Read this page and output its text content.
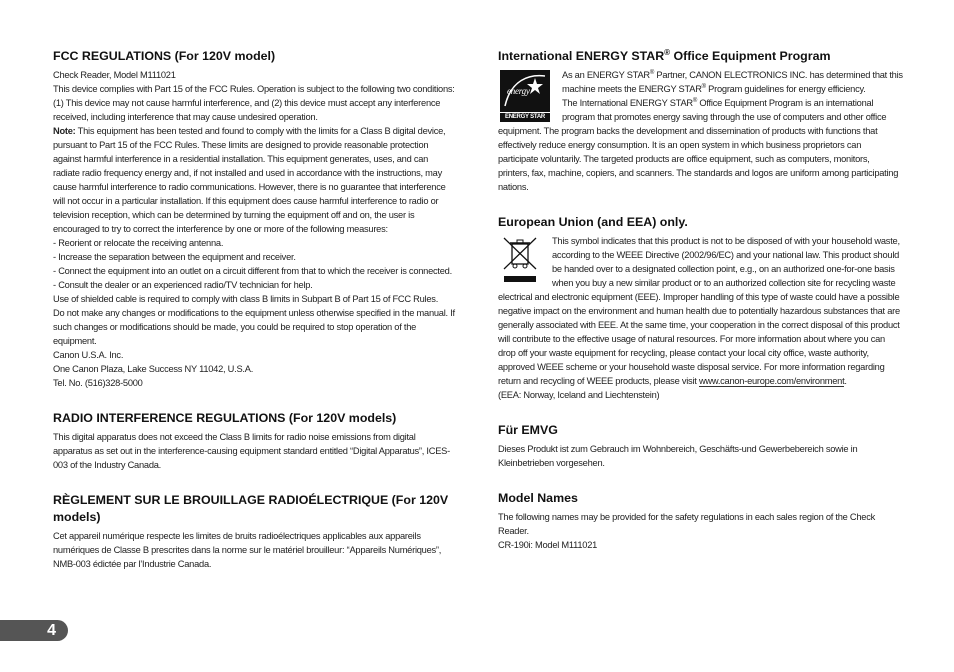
FCC REGULATIONS (For 120V model)

Check Reader, Model M111021

This device complies with Part 15 of the FCC Rules. Operation is subject to the following two conditions: (1) This device may not cause harmful interference, and (2) this device must accept any interference received, including interference that may cause undesired operation.

Note: This equipment has been tested and found to comply with the limits for a Class B digital device, pursuant to Part 15 of the FCC Rules. These limits are designed to provide reasonable protection against harmful interference in a residential installation. This equipment generates, uses, and can radiate radio frequency energy and, if not installed and used in accordance with the instructions, may cause harmful interference to radio communications. However, there is no guarantee that interference will not occur in a particular installation. If this equipment does cause harmful interference to radio or television reception, which can be determined by turning the equipment off and on, the user is encouraged to try to correct the interference by one or more of the following measures:

- Reorient or relocate the receiving antenna.
- Increase the separation between the equipment and receiver.
- Connect the equipment into an outlet on a circuit different from that to which the receiver is connected.
- Consult the dealer or an experienced radio/TV technician for help.

Use of shielded cable is required to comply with class B limits in Subpart B of Part 15 of FCC Rules.

Do not make any changes or modifications to the equipment unless otherwise specified in the manual. If such changes or modifications should be made, you could be required to stop operation of the equipment.

Canon U.S.A. Inc.

One Canon Plaza, Lake Success NY 11042, U.S.A.

Tel. No. (516)328-5000

RADIO INTERFERENCE REGULATIONS (For 120V models)

This digital apparatus does not exceed the Class B limits for radio noise emissions from digital apparatus as set out in the interference-causing equipment standard entitled “Digital Apparatus”, ICES-003 of the Industry Canada.

RÈGLEMENT SUR LE BROUILLAGE RADIOÉLECTRIQUE (For 120V models)

Cet appareil numérique respecte les limites de bruits radioélectriques applicables aux appareils numériques de Classe B prescrites dans la norme sur le matériel brouilleur: “Appareils Numériques”, NMB-003 édictée par l’Industrie Canada.

International ENERGY STAR® Office Equipment Program
energy
ENERGY STAR

As an ENERGY STAR® Partner, CANON ELECTRONICS INC. has determined that this machine meets the ENERGY STAR® Program guidelines for energy efficiency.

The International ENERGY STAR® Office Equipment Program is an international program that promotes energy saving through the use of computers and other office equipment. The program backs the development and dissemination of products with functions that effectively reduce energy consumption. It is an open system in which business proprietors can participate voluntarily. The targeted products are office equipment, such as computers, monitors, printers, fax, machine, copiers, and scanners. The standards and logos are uniform among participating nations.

European Union (and EEA) only.

This symbol indicates that this product is not to be disposed of with your household waste, according to the WEEE Directive (2002/96/EC) and your national law. This product should be handed over to a designated collection point, e.g., on an authorized one-for-one basis when you buy a new similar product or to an authorized collection site for recycling waste electrical and electronic equipment (EEE). Improper handling of this type of waste could have a possible negative impact on the environment and human health due to potentially hazardous substances that are generally associated with EEE. At the same time, your cooperation in the correct disposal of this product will contribute to the effective usage of natural resources. For more information about where you can drop off your waste equipment for recycling, please contact your local city office, waste authority, approved WEEE scheme or your household waste disposal service. For more information regarding return and recycling of WEEE products, please visit www.canon-europe.com/environment.

(EEA: Norway, Iceland and Liechtenstein)

Für EMVG

Dieses Produkt ist zum Gebrauch im Wohnbereich, Geschäfts-und Gewerbebereich sowie in Kleinbetrieben vorgesehen.

Model Names

The following names may be provided for the safety regulations in each sales region of the Check Reader.

CR-190i: Model M111021

4
